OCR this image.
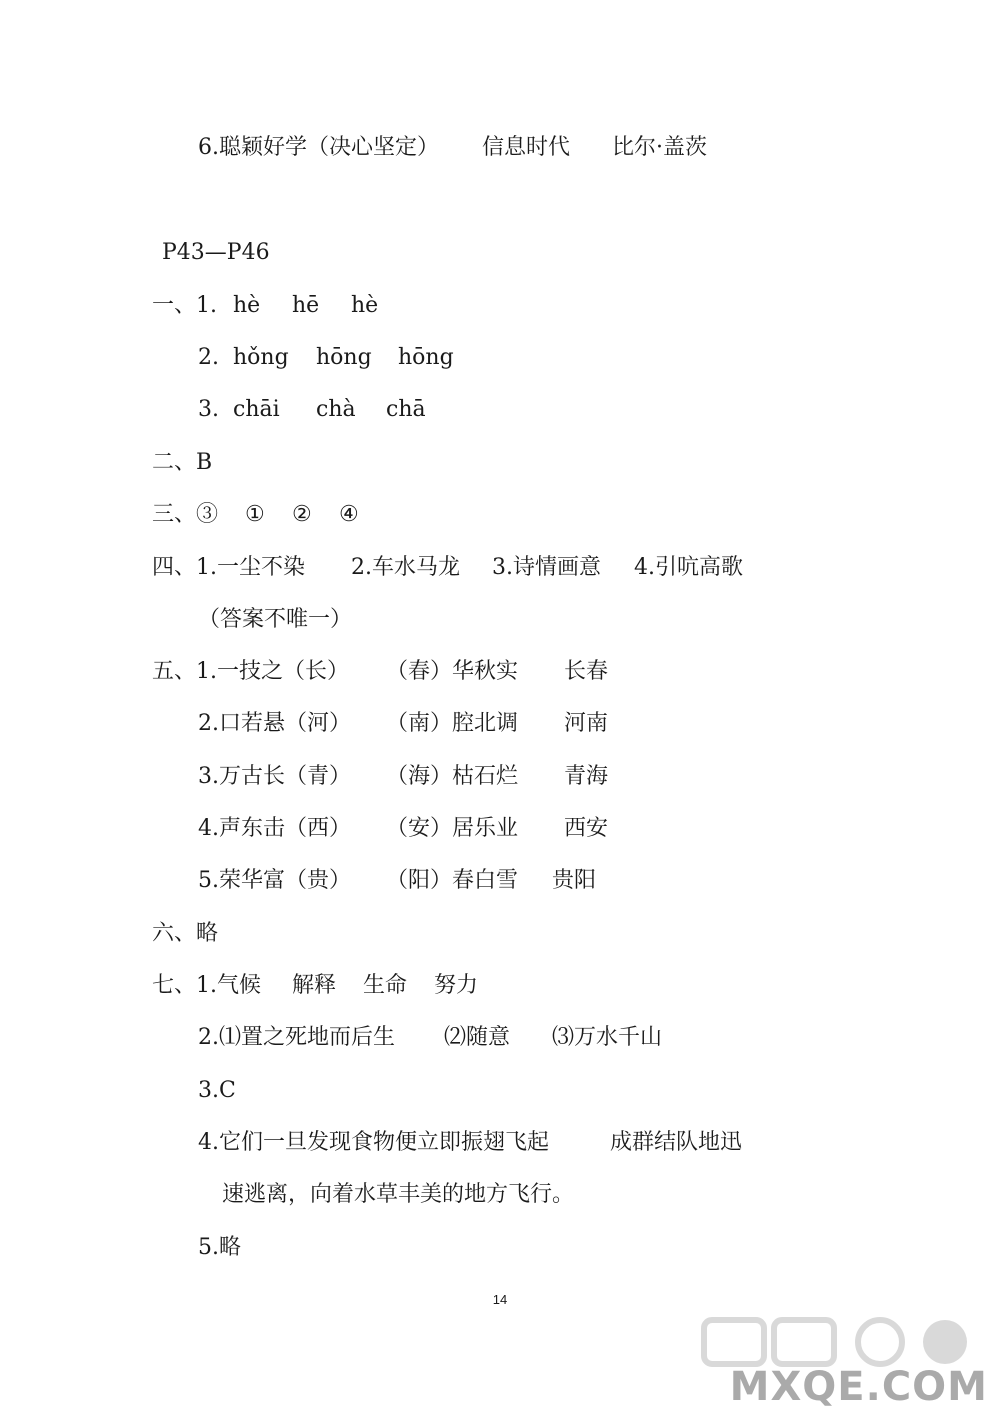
6.聪颖好学（决心坚定） 信息时代 比尔·盖茨
P43—P46
一、1. hè hē hè
2. hǒng hōng hōng
3. chāi chà chā
二、B
三、③ ① ② ④
四、1.一尘不染 2.车水马龙 3.诗情画意 4.引吭高歌
（答案不唯一）
五、1.一技之（长） （春）华秋实 长春
2.口若悬（河） （南）腔北调 河南
3.万古长（青） （海）枯石烂 青海
4.声东击（西） （安）居乐业 西安
5.荣华富（贵） （阳）春白雪 贵阳
六、略
七、1.气候 解释 生命 努力
2.⑴置之死地而后生 ⑵随意 ⑶万水千山
3.C
4.它们一旦发现食物便立即振翅飞起	成群结队地迅
速逃离，向着水草丰美的地方飞行。
5.略
14
MXQE.COM
